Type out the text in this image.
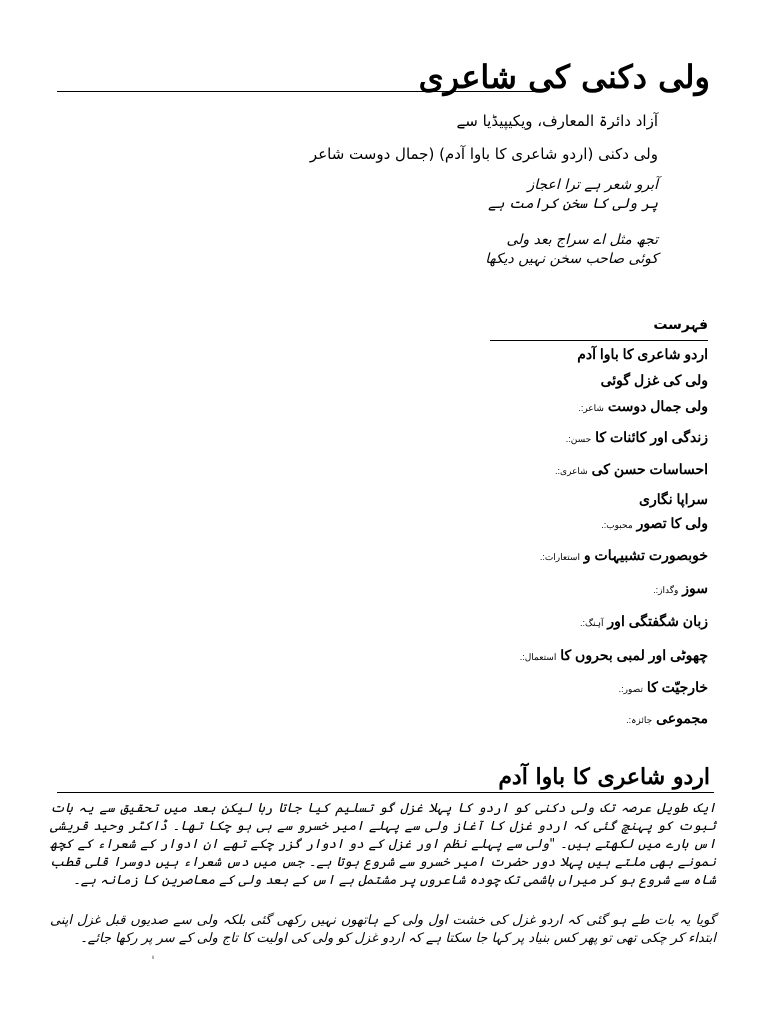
ولی دکنی کی شاعری
آزاد دائرۃ المعارف، ویکیپیڈیا سے
ولی دکنی (اردو شاعری کا باوا آدم) (جمال دوست شاعر
آبرو شعر ہے ترا اعجاز
پر ولی کا سخن کرامت ہے
تجھ مثل اے سراج بعد ولی
کوئی صاحب سخن نہیں دیکھا
فہرست
اردو شاعری کا باوا آدم
ولی کی غزل گوئی
ولی جمال دوست شاعر:.
زندگی اور کائنات کا حسن:.
احساسات حسن کی شاعری:.
سراپا نگاری
ولی کا تصور محبوب:.
خوبصورت تشبیہات و استعارات:.
سوز وگداز:.
زبان شگفتگی اور آہنگ:.
چھوٹی اور لمبی بحروں کا استعمال:.
خارجیّت کا تصور:.
مجموعی جائزہ:.
اردو شاعری کا باوا آدم
ایک طویل عرصہ تک ولی دکنی کو اردو کا پہلا غزل گو تسلیم کیا جاتا رہا لیکن بعد میں تحقیق سے یہ بات ثبوت کو پہنچ گئی کہ اردو غزل کا آغاز ولی سے پہلے امیر خسرو سے ہی ہو چکا تھا۔ ڈاکٹر وحید قریشی اس بارے میں لکھتے ہیں۔ "ولی سے پہلے نظم اور غزل کے دو ادوار گزر چکے تھے ان ادوار کے شعراء کے کچھ نمونے بھی ملتے ہیں پہلا دور حضرت امیر خسرو سے شروع ہوتا ہے۔ جس میں دس شعراء ہیں دوسرا قلی قطب شاہ سے شروع ہو کر میراں ہاشمی تک چودہ شاعروں پر مشتمل ہے اس کے بعد ولی کے معاصرین کا زمانہ ہے۔
گویا یہ بات طے ہو گئی کہ اردو غزل کی خشت اول ولی کے ہاتھوں نہیں رکھی گئی بلکہ ولی سے صدیوں قبل غزل اپنی ابتداء کر چکی تھی تو پھر کس بنیاد پر کہا جا سکتا ہے کہ اردو غزل کو ولی کی اولیت کا تاج ولی کے سر پر رکھا جائے۔
